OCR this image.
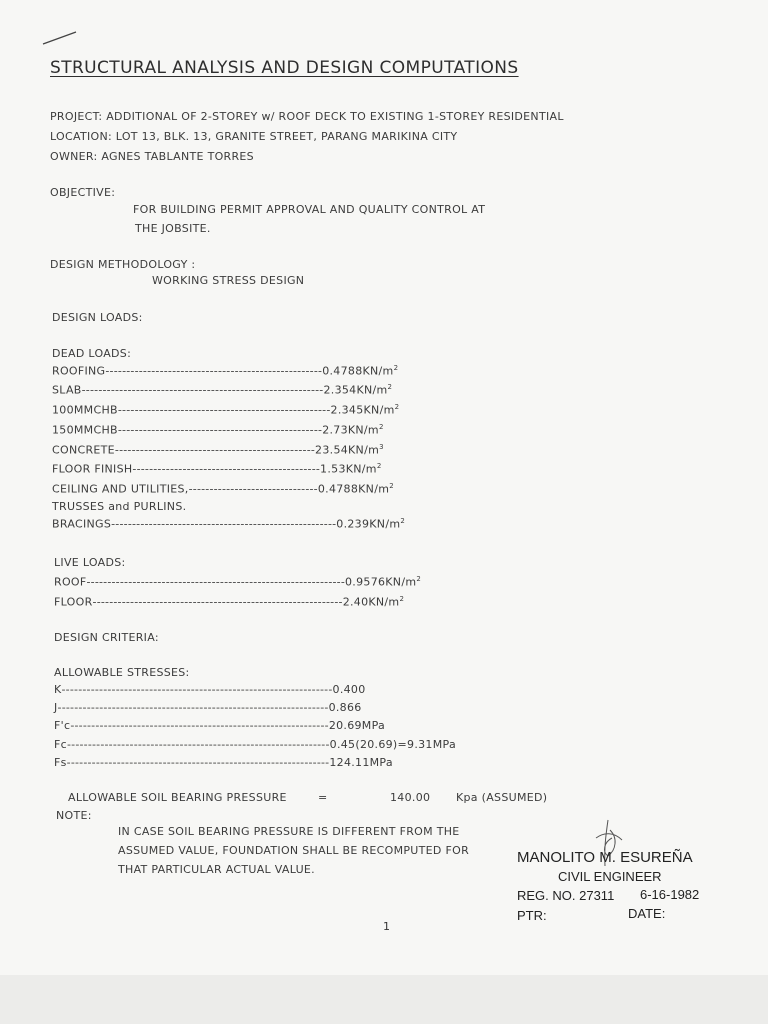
STRUCTURAL ANALYSIS AND DESIGN COMPUTATIONS
PROJECT: ADDITIONAL OF 2-STOREY w/ ROOF DECK TO EXISTING 1-STOREY RESIDENTIAL
LOCATION: LOT 13, BLK. 13, GRANITE STREET, PARANG MARIKINA CITY
OWNER: AGNES TABLANTE TORRES
OBJECTIVE:
FOR BUILDING PERMIT APPROVAL AND QUALITY CONTROL AT
THE JOBSITE.
DESIGN METHODOLOGY :
WORKING STRESS DESIGN
DESIGN LOADS:
DEAD LOADS:
ROOFING-$---------------------------------------------------0.4788KN/m^2$
SLAB-$---------------------------------------------------------2.354KN/m^2$
$100MMCHB---------------------------------------------------2.345KN/m^2$
$150MMCHB-------------------------------------------------2.73KN/m^2$
CONCRETE-$-----------------------------------------------23.54KN/m^3$
FLOOR FINISH-$--------------------------------------------1.53KN/m^2$
CEILING AND $UTILITIES,-------------------------------0.4788KN/m^2$
TRUSSES and PURLINS.
BRACINGS-$-----------------------------------------------------0.239KN/m^2$
LIVE LOADS:
ROOF-$-------------------------------------------------------------0.9576KN/m^2$
FLOOR-$-----------------------------------------------------------2.40KN/m^2$
DESIGN CRITERIA:
ALLOWABLE STRESSES:
K-----------------------------------------------------------------0.400
J-----------------------------------------------------------------0.866
F'c--------------------------------------------------------------20.69MPa
Fc---------------------------------------------------------------0.45(20.69)=9.31MPa
Fs---------------------------------------------------------------124.11MPa
ALLOWABLE SOIL BEARING PRESSURE	=	140.00 Kpa (ASSUMED)
NOTE:
IN CASE SOIL BEARING PRESSURE IS DIFFERENT FROM THE
ASSUMED VALUE, FOUNDATION SHALL BE RECOMPUTED FOR
THAT PARTICULAR ACTUAL VALUE.
MANOLITO M. ESUREÑA
CIVIL ENGINEER
REG. NO. 27311 6-16-1982
PTR:	DATE:
1
